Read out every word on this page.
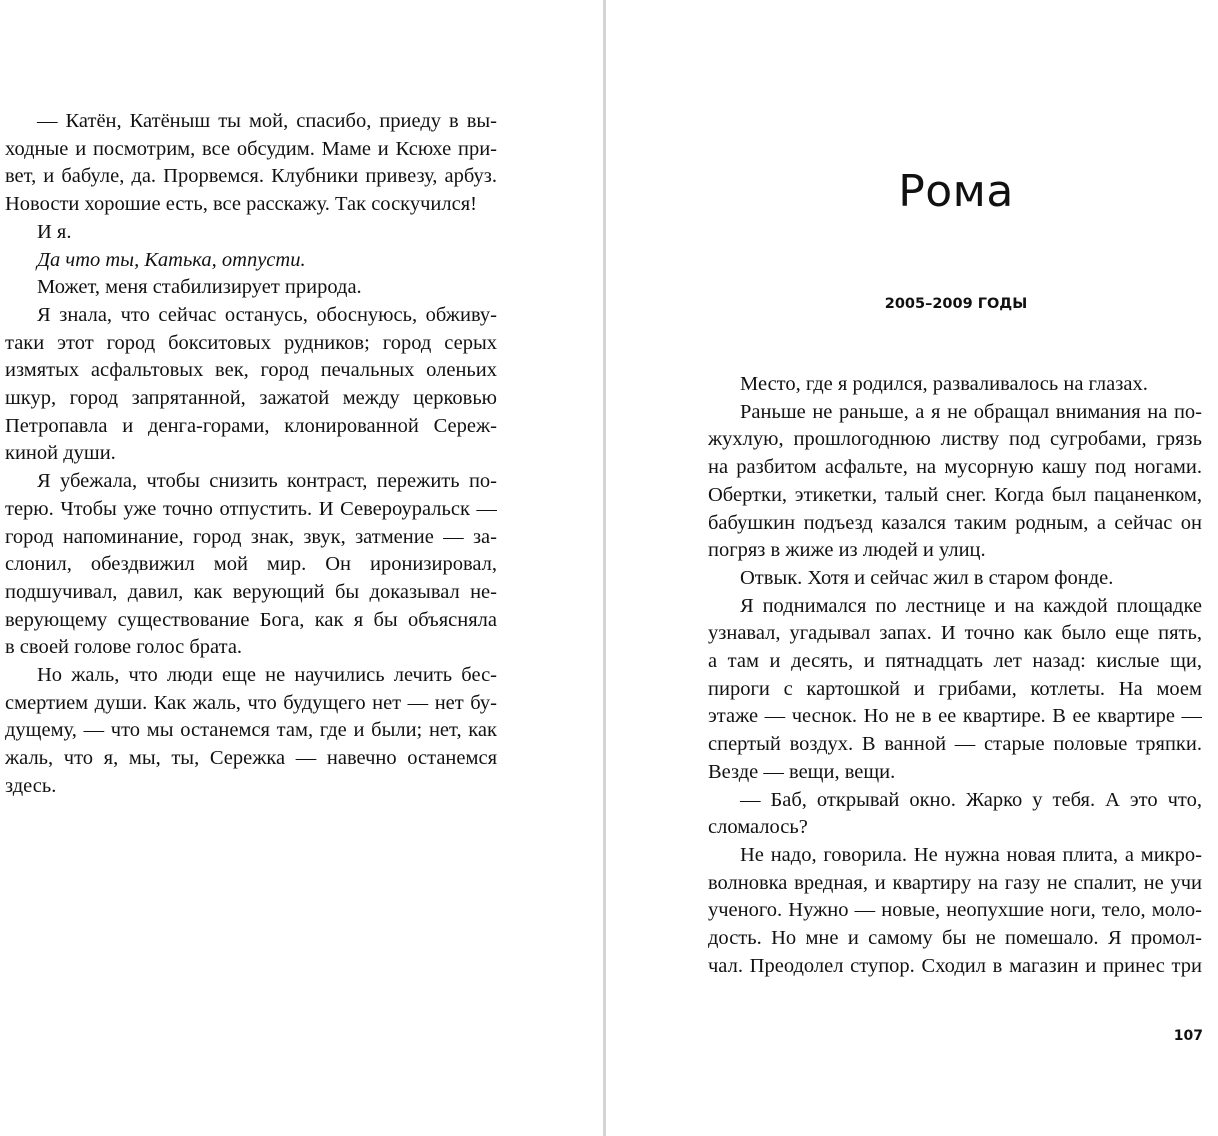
— Катён, Катёныш ты мой, спасибо, приеду в вы-
ходные и посмотрим, все обсудим. Маме и Ксюхе при-
вет, и бабуле, да. Прорвемся. Клубники привезу, арбуз.
Новости хорошие есть, все расскажу. Так соскучился!
И я.
Да что ты, Катька, отпусти.
Может, меня стабилизирует природа.
Я знала, что сейчас останусь, обоснуюсь, обживу-
таки этот город бокситовых рудников; город серых
измятых асфальтовых век, город печальных оленьих
шкур, город запрятанной, зажатой между церковью
Петропавла и денга-горами, клонированной Сереж-
киной души.
Я убежала, чтобы снизить контраст, пережить по-
терю. Чтобы уже точно отпустить. И Североуральск —
город напоминание, город знак, звук, затмение — за-
слонил, обездвижил мой мир. Он иронизировал,
подшучивал, давил, как верующий бы доказывал не-
верующему существование Бога, как я бы объясняла
в своей голове голос брата.
Но жаль, что люди еще не научились лечить бес-
смертием души. Как жаль, что будущего нет — нет бу-
дущему, — что мы останемся там, где и были; нет, как
жаль, что я, мы, ты, Сережка — навечно останемся
здесь.
Рома
2005–2009 ГОДЫ
Место, где я родился, разваливалось на глазах.
Раньше не раньше, а я не обращал внимания на по-
жухлую, прошлогоднюю листву под сугробами, грязь
на разбитом асфальте, на мусорную кашу под ногами.
Обертки, этикетки, талый снег. Когда был пацаненком,
бабушкин подъезд казался таким родным, а сейчас он
погряз в жиже из людей и улиц.
Отвык. Хотя и сейчас жил в старом фонде.
Я поднимался по лестнице и на каждой площадке
узнавал, угадывал запах. И точно как было еще пять,
а там и десять, и пятнадцать лет назад: кислые щи,
пироги с картошкой и грибами, котлеты. На моем
этаже — чеснок. Но не в ее квартире. В ее квартире —
спертый воздух. В ванной — старые половые тряпки.
Везде — вещи, вещи.
— Баб, открывай окно. Жарко у тебя. А это что,
сломалось?
Не надо, говорила. Не нужна новая плита, а микро-
волновка вредная, и квартиру на газу не спалит, не учи
ученого. Нужно — новые, неопухшие ноги, тело, моло-
дость. Но мне и самому бы не помешало. Я промол-
чал. Преодолел ступор. Сходил в магазин и принес три
107
